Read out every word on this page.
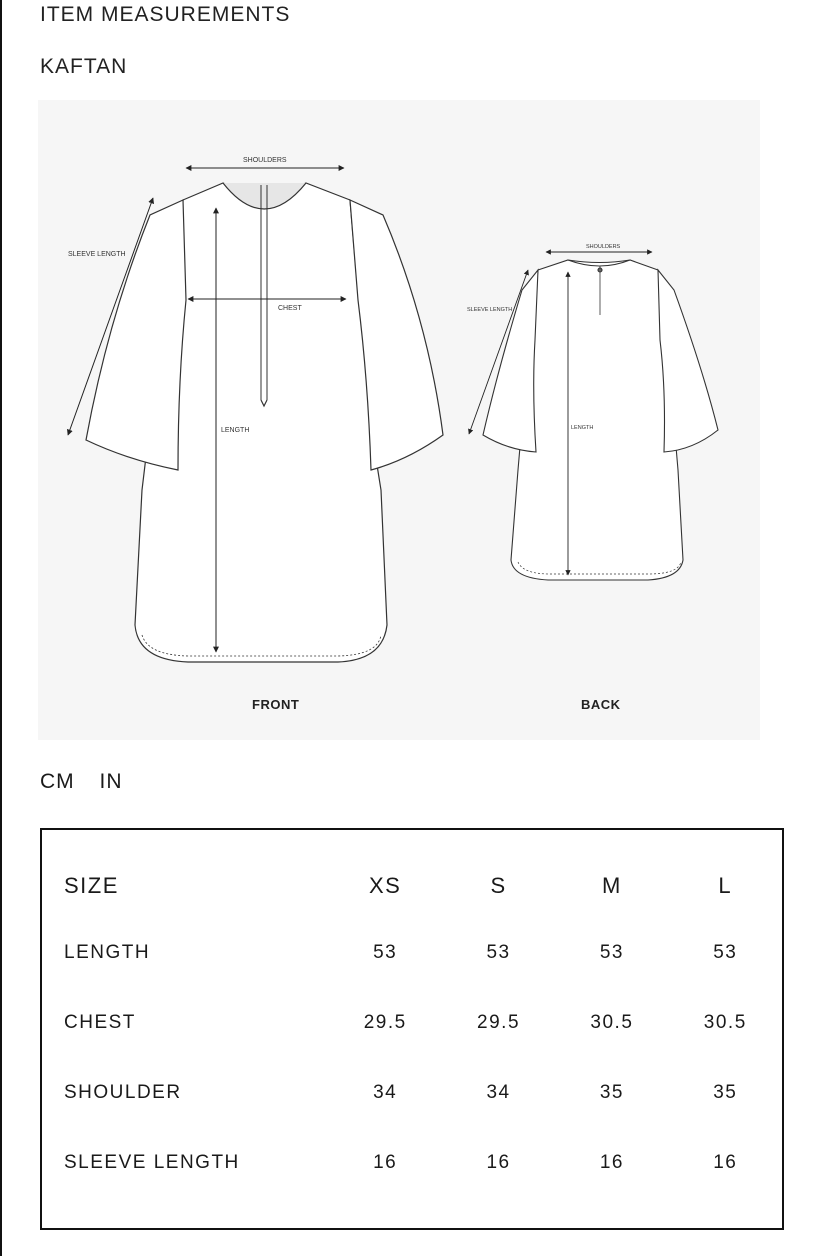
ITEM MEASUREMENTS
KAFTAN
SHOULDERS
SLEEVE LENGTH
CHEST
LENGTH
SHOULDERS
SLEEVE LENGTH
LENGTH
FRONT	BACK
CM IN
SIZE	XS	S	M	L
LENGTH	53	53	53	53
CHEST	29.5	29.5	30.5	30.5
SHOULDER	34	34	35	35
SLEEVE LENGTH	16	16	16	16
